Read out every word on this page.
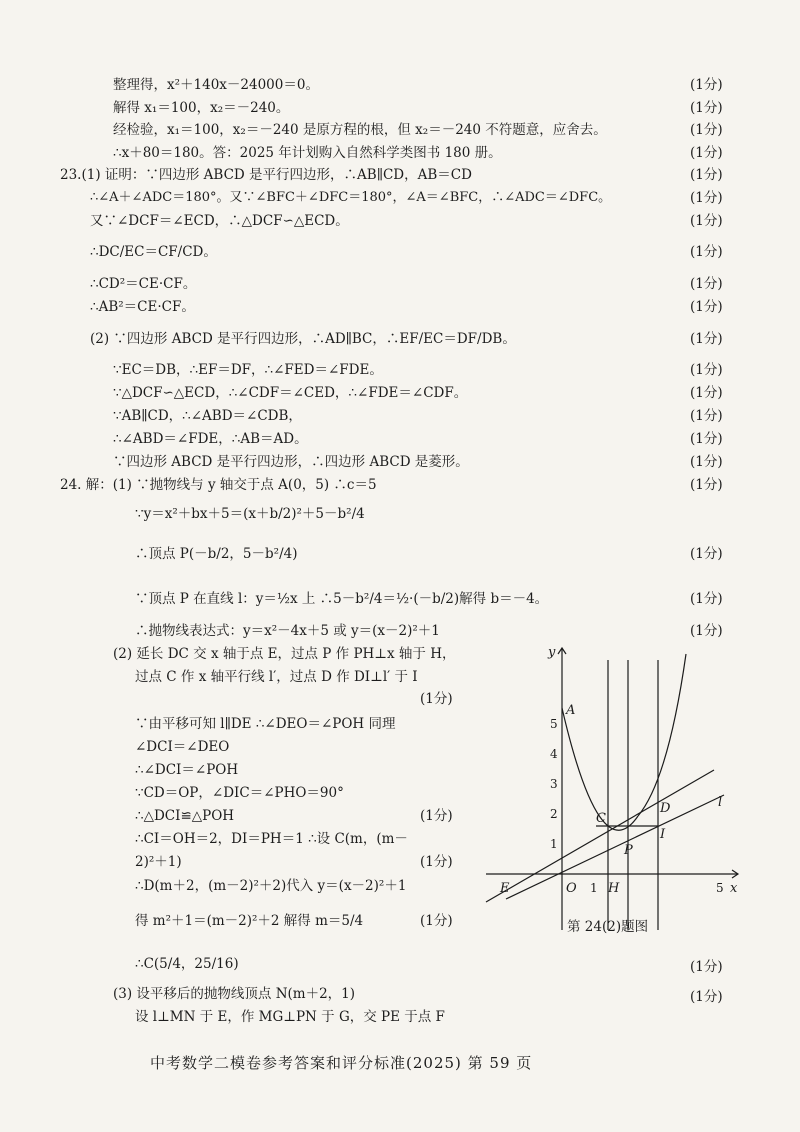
整理得，x²＋140x－24000＝0。	(1分)
解得 x₁＝100，x₂＝－240。	(1分)
经检验，x₁＝100，x₂＝－240 是原方程的根，但 x₂＝－240 不符题意，应舍去。	(1分)
∴x＋80＝180。答：2025 年计划购入自然科学类图书 180 册。	(1分)
23.(1) 证明：∵四边形 ABCD 是平行四边形，∴AB∥CD，AB＝CD	(1分)
∴∠A＋∠ADC＝180°。又∵∠BFC＋∠DFC＝180°，∠A＝∠BFC，∴∠ADC＝∠DFC。	(1分)
又∵∠DCF＝∠ECD，∴△DCF∽△ECD。	(1分)
∴DC/EC＝CF/CD。	(1分)
∴CD²＝CE·CF。	(1分)
∴AB²＝CE·CF。	(1分)
(2) ∵四边形 ABCD 是平行四边形，∴AD∥BC，∴EF/EC＝DF/DB。	(1分)
∵EC＝DB，∴EF＝DF，∴∠FED＝∠FDE。	(1分)
∵△DCF∽△ECD，∴∠CDF＝∠CED，∴∠FDE＝∠CDF。	(1分)
∵AB∥CD，∴∠ABD＝∠CDB，	(1分)
∴∠ABD＝∠FDE，∴AB＝AD。	(1分)
∵四边形 ABCD 是平行四边形，∴四边形 ABCD 是菱形。	(1分)
24. 解：(1) ∵抛物线与 y 轴交于点 A(0，5) ∴c＝5	(1分)
∵y＝x²＋bx＋5＝(x＋b/2)²＋5－b²/4
∴顶点 P(－b/2，5－b²/4)	(1分)
∵顶点 P 在直线 l：y＝½x 上 ∴5－b²/4＝½·(－b/2)解得 b＝－4。	(1分)
∴抛物线表达式：y＝x²－4x＋5 或 y＝(x－2)²＋1	(1分)
(2) 延长 DC 交 x 轴于点 E，过点 P 作 PH⊥x 轴于 H，
过点 C 作 x 轴平行线 l′，过点 D 作 DI⊥l′ 于 I
(1分)
∵由平移可知 l∥DE ∴∠DEO＝∠POH 同理
∠DCI＝∠DEO
∴∠DCI＝∠POH
∵CD＝OP，∠DIC＝∠PHO＝90°
∴△DCI≌△POH	(1分)
∴CI＝OH＝2，DI＝PH＝1 ∴设 C(m，(m－
2)²＋1)	(1分)
∴D(m＋2，(m－2)²＋2)代入 y＝(x－2)²＋1
得 m²＋1＝(m－2)²＋2 解得 m＝5/4	(1分)
∴C(5/4，25/16)	(1分)
(3) 设平移后的抛物线顶点 N(m＋2，1)	(1分)
设 l⊥MN 于 E，作 MG⊥PN 于 G，交 PE 于点 F
y
x
A
C
D	l
I
P
E	O H
1	5
1
2
3
4
5
第 24(2)题图
中考数学二模卷参考答案和评分标准(2025) 第 59 页
